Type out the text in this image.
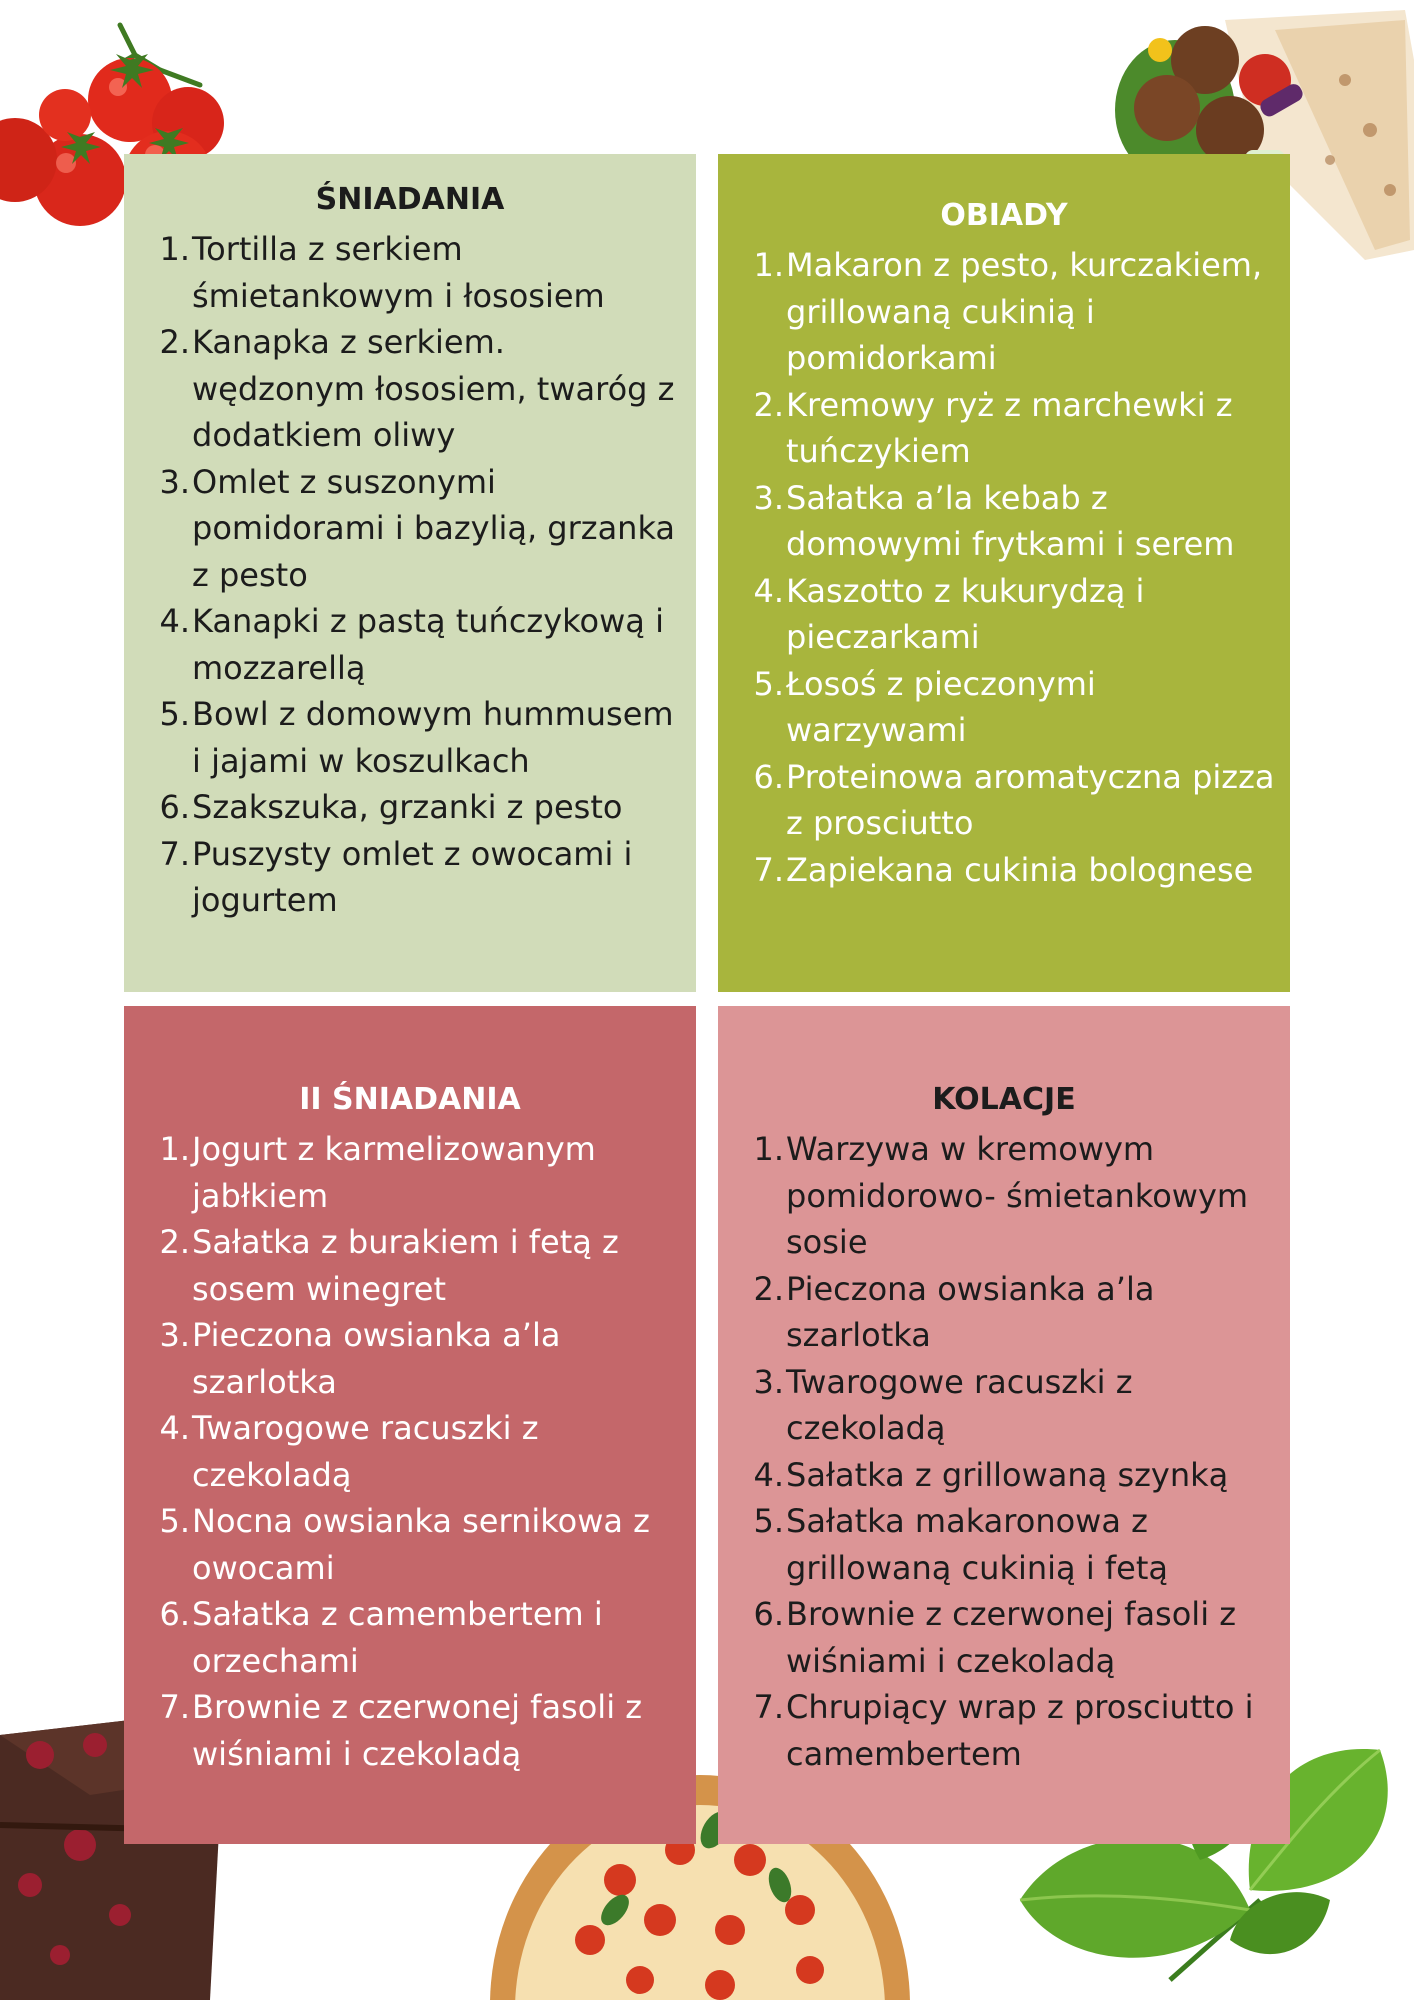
ŚNIADANIA
1 . Tortilla z serkiem śmietankowym i łososiem
2 . Kanapka z serkiem. wędzonym łososiem, twaróg z dodatkiem oliwy
3 . Omlet z suszonymi pomidorami i bazylią, grzanka z pesto
4 . Kanapki z pastą tuńczykową i mozzarellą
5 . Bowl z domowym hummusem i jajami w koszulkach
6 . Szakszuka, grzanki z pesto
7 . Puszysty omlet z owocami i jogurtem
OBIADY
1 . Makaron z pesto, kurczakiem, grillowaną cukinią i pomidorkami
2 . Kremowy ryż z marchewki z tuńczykiem
3 . Sałatka a’la kebab z domowymi frytkami i serem
4 . Kaszotto z kukurydzą i pieczarkami
5 . Łosoś z pieczonymi warzywami
6 . Proteinowa aromatyczna pizza z prosciutto
7 . Zapiekana cukinia bolognese
II ŚNIADANIA
1 . Jogurt z karmelizowanym jabłkiem
2 . Sałatka z burakiem i fetą z sosem winegret
3 . Pieczona owsianka a’la szarlotka
4 . Twarogowe racuszki z czekoladą
5 . Nocna owsianka sernikowa z owocami
6 . Sałatka z camembertem i orzechami
7 . Brownie z czerwonej fasoli z wiśniami i czekoladą
KOLACJE
1 . Warzywa w kremowym pomidorowo- śmietankowym sosie
2 . Pieczona owsianka a’la szarlotka
3 . Twarogowe racuszki z czekoladą
4 . Sałatka z grillowaną szynką
5 . Sałatka makaronowa z grillowaną cukinią i fetą
6 . Brownie z czerwonej fasoli z wiśniami i czekoladą
7 . Chrupiący wrap z prosciutto i camembertem
